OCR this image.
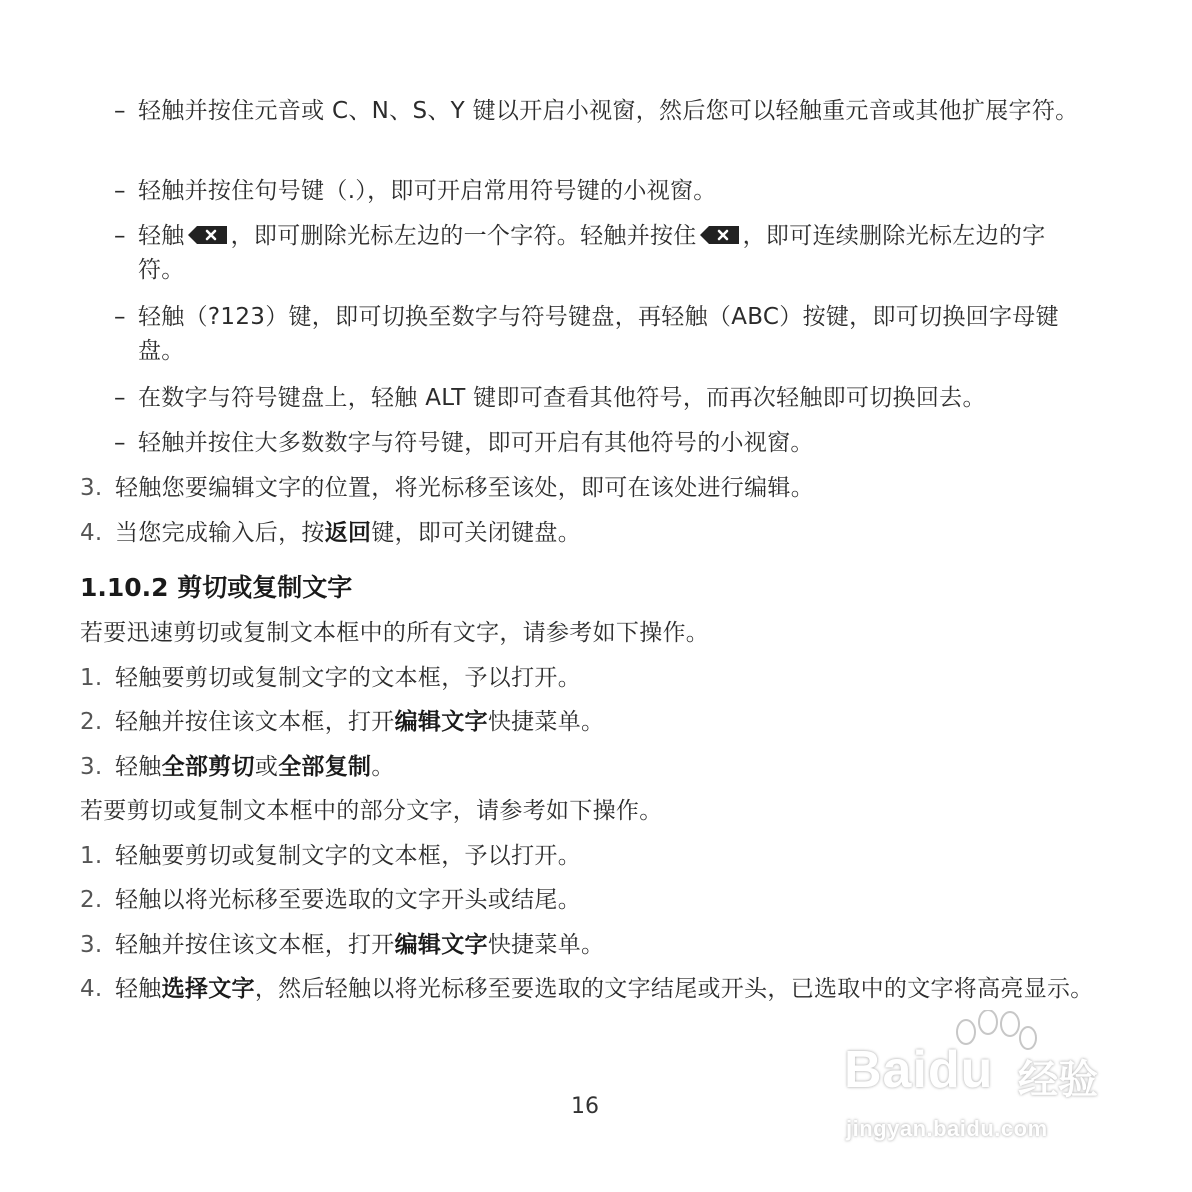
– 轻触并按住元音或 C、N、S、Y 键以开启小视窗，然后您可以轻触重元音或其他扩展字符。
– 轻触并按住句号键（.），即可开启常用符号键的小视窗。
– 轻触 ，即可删除光标左边的一个字符。轻触并按住 ，即可连续删除光标左边的字符。
– 轻触（?123）键，即可切换至数字与符号键盘，再轻触（ABC）按键，即可切换回字母键盘。
– 在数字与符号键盘上，轻触 ALT 键即可查看其他符号，而再次轻触即可切换回去。
– 轻触并按住大多数数字与符号键，即可开启有其他符号的小视窗。
3. 轻触您要编辑文字的位置，将光标移至该处，即可在该处进行编辑。
4. 当您完成输入后，按返回键，即可关闭键盘。
1.10.2 剪切或复制文字
若要迅速剪切或复制文本框中的所有文字，请参考如下操作。
1. 轻触要剪切或复制文字的文本框，予以打开。
2. 轻触并按住该文本框，打开编辑文字快捷菜单。
3. 轻触全部剪切或全部复制。
若要剪切或复制文本框中的部分文字，请参考如下操作。
1. 轻触要剪切或复制文字的文本框，予以打开。
2. 轻触以将光标移至要选取的文字开头或结尾。
3. 轻触并按住该文本框，打开编辑文字快捷菜单。
4. 轻触选择文字，然后轻触以将光标移至要选取的文字结尾或开头，已选取中的文字将高亮显示。
16
Baidu 经验
jingyan.baidu.com
